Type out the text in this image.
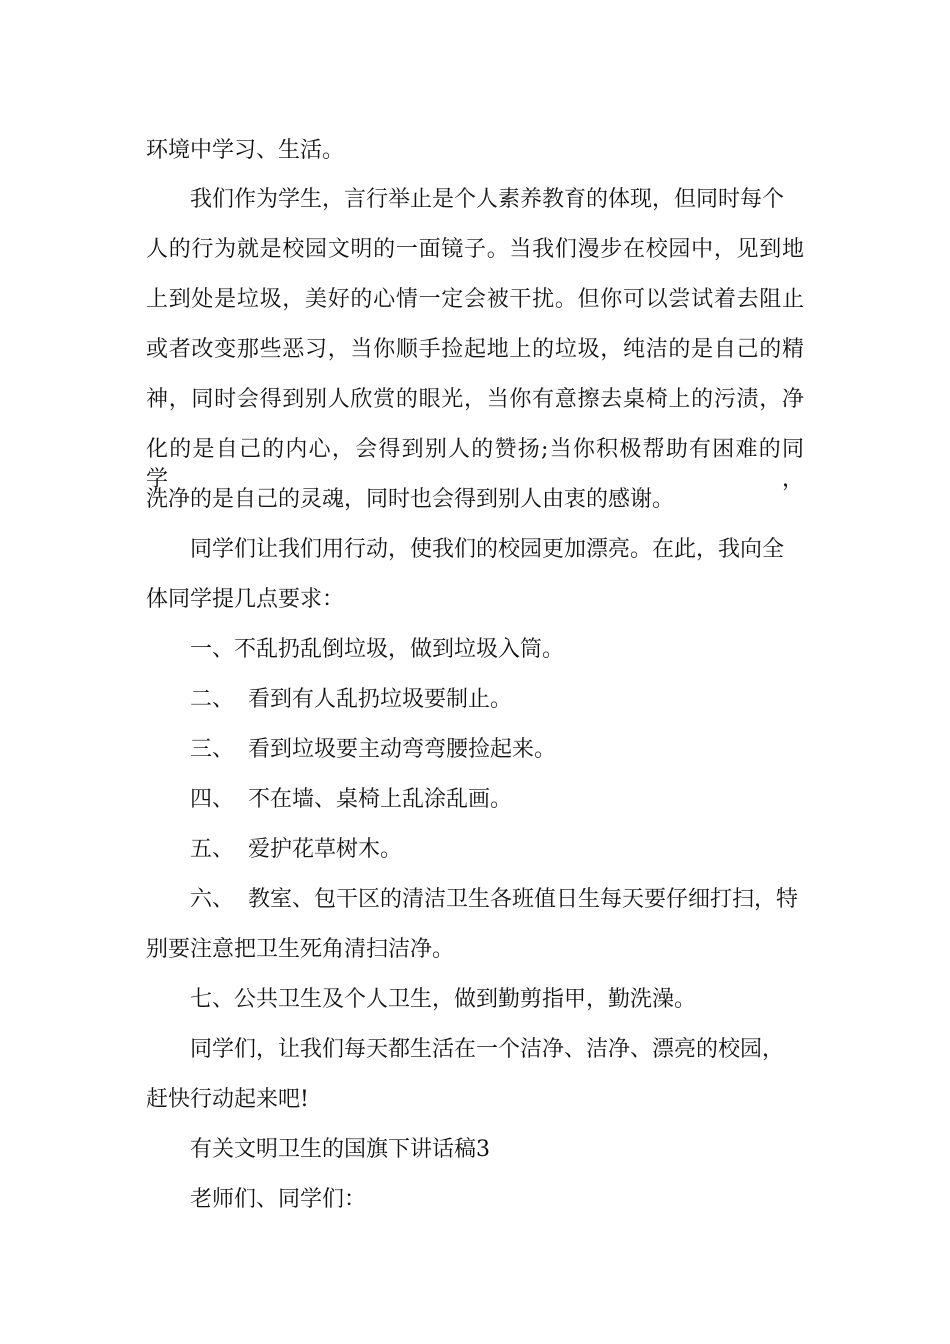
环境中学习、生活。
我们作为学生，言行举止是个人素养教育的体现，但同时每个
人的行为就是校园文明的一面镜子。当我们漫步在校园中，见到地
上到处是垃圾，美好的心情一定会被干扰。但你可以尝试着去阻止
或者改变那些恶习，当你顺手捡起地上的垃圾，纯洁的是自己的精
神，同时会得到别人欣赏的眼光，当你有意擦去桌椅上的污渍，净
化的是自己的内心，会得到别人的赞扬;当你积极帮助有困难的同学，
洗净的是自己的灵魂，同时也会得到别人由衷的感谢。
同学们让我们用行动，使我们的校园更加漂亮。在此，我向全
体同学提几点要求：
一、不乱扔乱倒垃圾，做到垃圾入筒。
二、  看到有人乱扔垃圾要制止。
三、  看到垃圾要主动弯弯腰捡起来。
四、  不在墙、桌椅上乱涂乱画。
五、  爱护花草树木。
六、  教室、包干区的清洁卫生各班值日生每天要仔细打扫，特
别要注意把卫生死角清扫洁净。
七、公共卫生及个人卫生，做到勤剪指甲，勤洗澡。
同学们，让我们每天都生活在一个洁净、洁净、漂亮的校园，
赶快行动起来吧!
有关文明卫生的国旗下讲话稿3
老师们、同学们：
